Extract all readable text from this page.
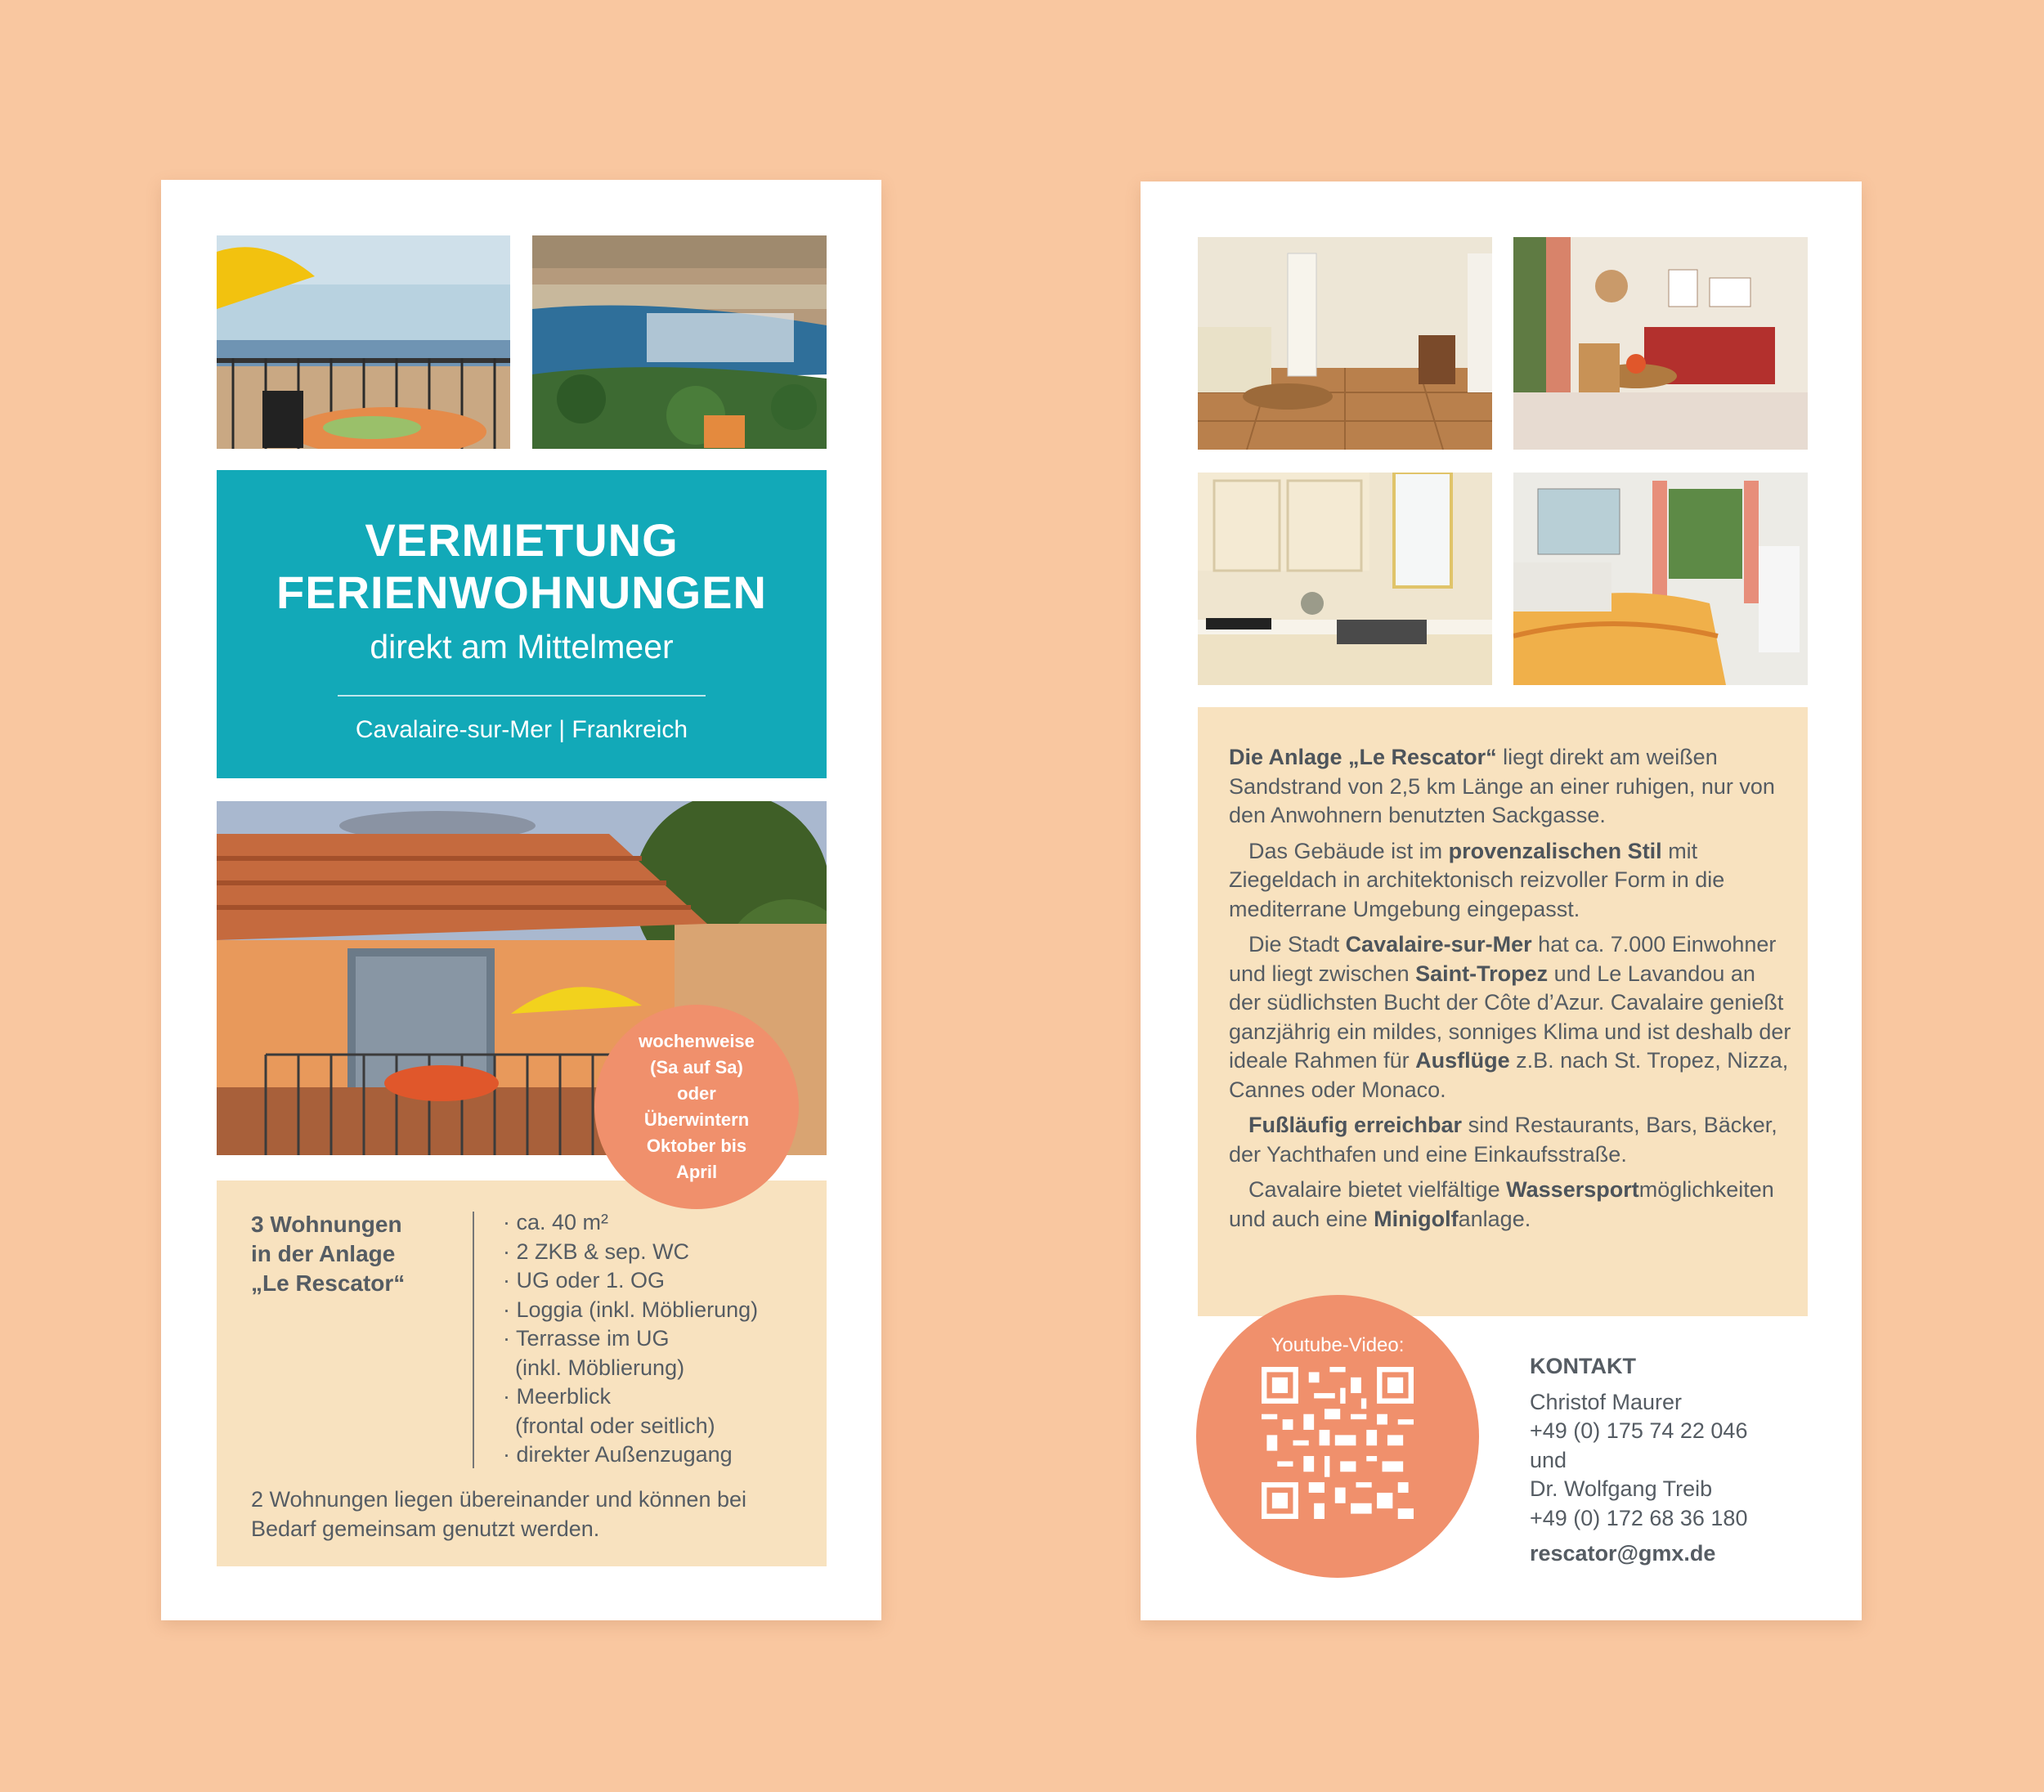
VERMIETUNG
FERIENWOHNUNGEN
direkt am Mittelmeer
Cavalaire-sur-Mer | Frankreich
3 Wohnungen
in der Anlage
„Le Rescator“
· ca. 40 m²
· 2 ZKB & sep. WC
· UG oder 1. OG
· Loggia (inkl. Möblierung)
· Terrasse im UG
(inkl. Möblierung)
· Meerblick
(frontal oder seitlich)
· direkter Außenzugang
2 Wohnungen liegen übereinander und können bei Bedarf gemeinsam genutzt werden.
wochenweise
(Sa auf Sa)
oder
Überwintern
Oktober bis
April

Die Anlage „Le Rescator“ liegt direkt am weißen Sandstrand von 2,5 km Länge an einer ruhigen, nur von den Anwohnern benutzten Sackgasse.

Das Gebäude ist im provenzalischen Stil mit Ziegeldach in architektonisch reizvoller Form in die mediterrane Umgebung eingepasst.

Die Stadt Cavalaire-sur-Mer hat ca. 7.000 Einwohner und liegt zwischen Saint-Tropez und Le Lavandou an der südlichsten Bucht der Côte d’Azur. Cavalaire genießt ganzjährig ein mildes, sonniges Klima und ist deshalb der ideale Rahmen für Ausflüge z.B. nach St. Tropez, Nizza, Cannes oder Monaco.

Fußläufig erreichbar sind Restaurants, Bars, Bäcker, der Yachthafen und eine Einkaufsstraße.

Cavalaire bietet vielfältige Wassersportmöglichkeiten und auch eine Minigolfanlage.

Youtube-Video:
KONTAKT
Christof Maurer
+49 (0) 175 74 22 046
und
Dr. Wolfgang Treib
+49 (0) 172 68 36 180
rescator@gmx.de
